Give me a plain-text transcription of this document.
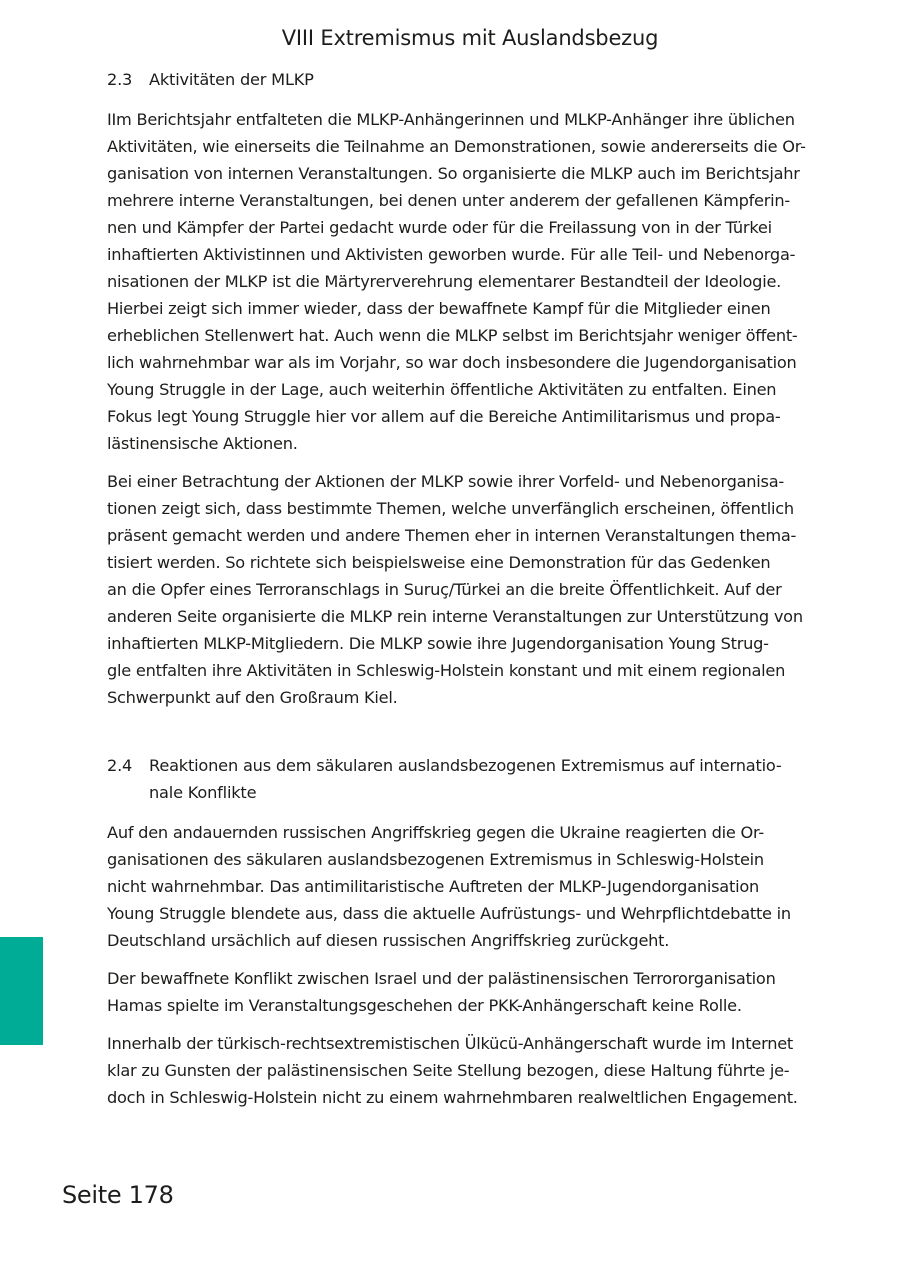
VIII Extremismus mit Auslandsbezug
2.3	Aktivitäten der MLKP

IIm Berichtsjahr entfalteten die MLKP-Anhängerinnen und MLKP-Anhänger ihre üblichen
Aktivitäten, wie einerseits die Teilnahme an Demonstrationen, sowie andererseits die Or-
ganisation von internen Veranstaltungen. So organisierte die MLKP auch im Berichtsjahr
mehrere interne Veranstaltungen, bei denen unter anderem der gefallenen Kämpferin-
nen und Kämpfer der Partei gedacht wurde oder für die Freilassung von in der Türkei
inhaftierten Aktivistinnen und Aktivisten geworben wurde. Für alle Teil- und Nebenorga-
nisationen der MLKP ist die Märtyrerverehrung elementarer Bestandteil der Ideologie.
Hierbei zeigt sich immer wieder, dass der bewaffnete Kampf für die Mitglieder einen
erheblichen Stellenwert hat. Auch wenn die MLKP selbst im Berichtsjahr weniger öffent-
lich wahrnehmbar war als im Vorjahr, so war doch insbesondere die Jugendorganisation
Young Struggle in der Lage, auch weiterhin öffentliche Aktivitäten zu entfalten. Einen
Fokus legt Young Struggle hier vor allem auf die Bereiche Antimilitarismus und propa-
lästinensische Aktionen.

Bei einer Betrachtung der Aktionen der MLKP sowie ihrer Vorfeld- und Nebenorganisa-
tionen zeigt sich, dass bestimmte Themen, welche unverfänglich erscheinen, öffentlich
präsent gemacht werden und andere Themen eher in internen Veranstaltungen thema-
tisiert werden. So richtete sich beispielsweise eine Demonstration für das Gedenken
an die Opfer eines Terroranschlags in Suruç/Türkei an die breite Öffentlichkeit. Auf der
anderen Seite organisierte die MLKP rein interne Veranstaltungen zur Unterstützung von
inhaftierten MLKP-Mitgliedern. Die MLKP sowie ihre Jugendorganisation Young Strug-
gle entfalten ihre Aktivitäten in Schleswig-Holstein konstant und mit einem regionalen
Schwerpunkt auf den Großraum Kiel.

2.4	Reaktionen aus dem säkularen auslandsbezogenen Extremismus auf internatio-
nale Konflikte

Auf den andauernden russischen Angriffskrieg gegen die Ukraine reagierten die Or-
ganisationen des säkularen auslandsbezogenen Extremismus in Schleswig-Holstein
nicht wahrnehmbar. Das antimilitaristische Auftreten der MLKP-Jugendorganisation
Young Struggle blendete aus, dass die aktuelle Aufrüstungs- und Wehrpflichtdebatte in
Deutschland ursächlich auf diesen russischen Angriffskrieg zurückgeht.

Der bewaffnete Konflikt zwischen Israel und der palästinensischen Terrororganisation
Hamas spielte im Veranstaltungsgeschehen der PKK-Anhängerschaft keine Rolle.

Innerhalb der türkisch-rechtsextremistischen Ülkücü-Anhängerschaft wurde im Internet
klar zu Gunsten der palästinensischen Seite Stellung bezogen, diese Haltung führte je-
doch in Schleswig-Holstein nicht zu einem wahrnehmbaren realweltlichen Engagement.

Seite 178
